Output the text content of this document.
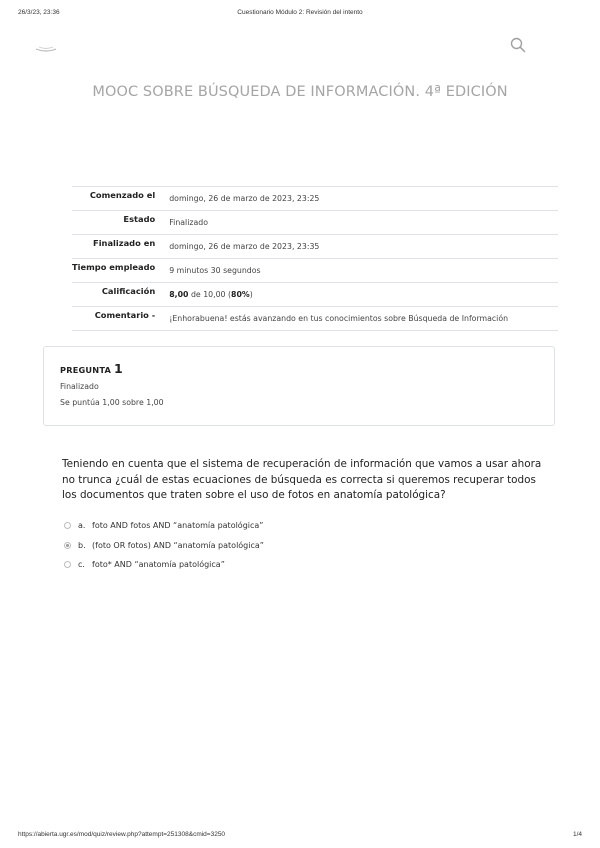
26/3/23, 23:36	Cuestionario Módulo 2: Revisión del intento
MOOC SOBRE BÚSQUEDA DE INFORMACIÓN. 4ª EDICIÓN
Comenzado el	domingo, 26 de marzo de 2023, 23:25
Estado	Finalizado
Finalizado en	domingo, 26 de marzo de 2023, 23:35
Tiempo empleado	9 minutos 30 segundos
Calificación	8,00 de 10,00 (80%)
Comentario -	¡Enhorabuena! estás avanzando en tus conocimientos sobre Búsqueda de Información
PREGUNTA 1
Finalizado
Se puntúa 1,00 sobre 1,00
Teniendo en cuenta que el sistema de recuperación de información que vamos a usar ahora no trunca ¿cuál de estas ecuaciones de búsqueda es correcta si queremos recuperar todos los documentos que traten sobre el uso de fotos en anatomía patológica?
a. foto AND fotos AND “anatomía patológica”
b. (foto OR fotos) AND “anatomía patológica”
c. foto* AND “anatomía patológica”
https://abierta.ugr.es/mod/quiz/review.php?attempt=251308&cmid=3250	1/4
